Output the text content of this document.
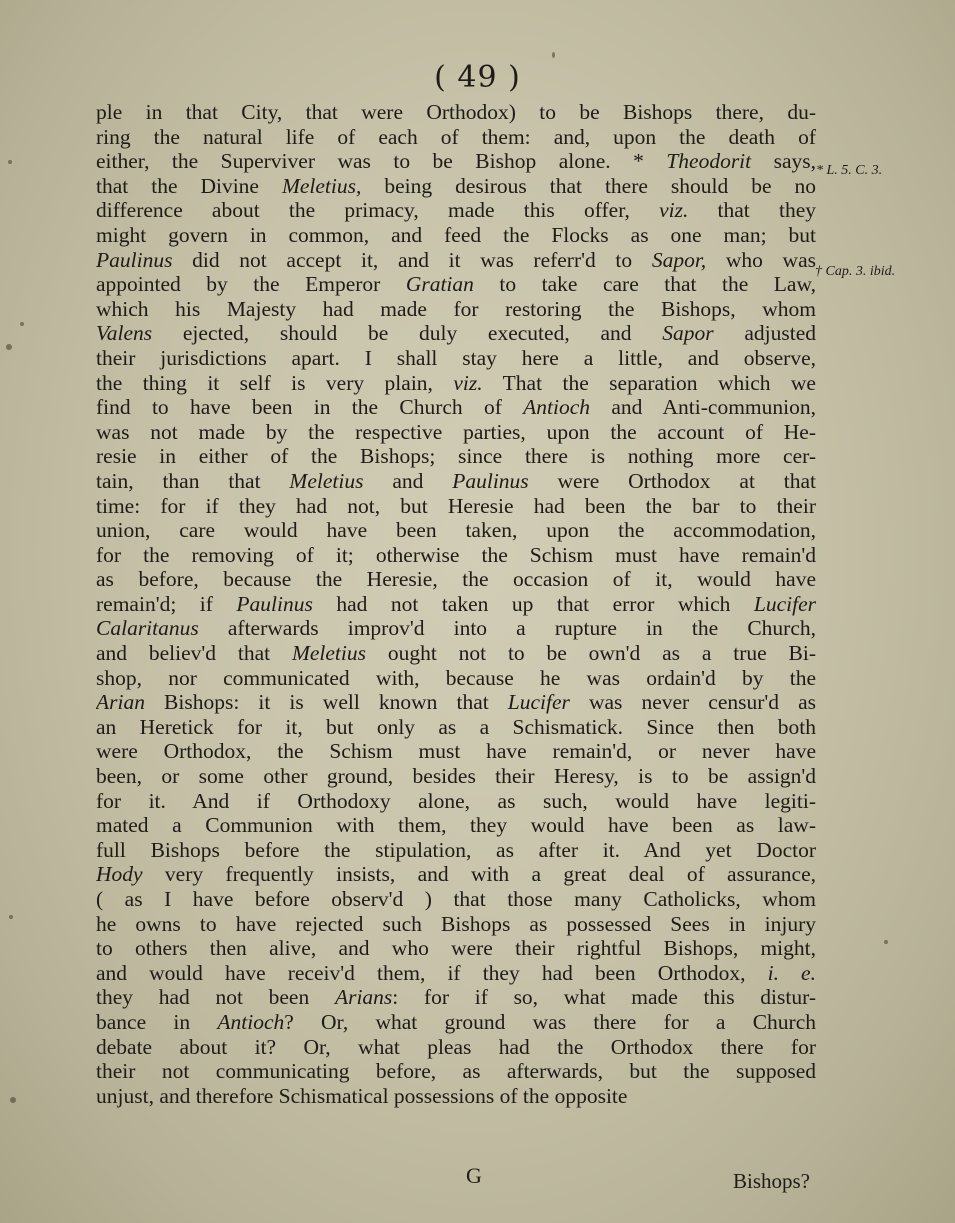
( 49 )
ple in that City, that were Orthodox) to be Bishops there, du-
ring the natural life of each of them: and, upon the death of
either, the Superviver was to be Bishop alone. * Theodorit says,
that the Divine Meletius, being desirous that there should be no
difference about the primacy, made this offer, viz. that they
might govern in common, and feed the Flocks as one man; but
Paulinus did not accept it, and it was referr'd to Sapor, who was
appointed by the Emperor Gratian to take care that the Law,
which his Majesty had made for restoring the Bishops, whom
Valens ejected, should be duly executed, and Sapor adjusted
their jurisdictions apart. I shall stay here a little, and observe,
the thing it self is very plain, viz. That the separation which we
find to have been in the Church of Antioch and Anti-communion,
was not made by the respective parties, upon the account of He-
resie in either of the Bishops; since there is nothing more cer-
tain, than that Meletius and Paulinus were Orthodox at that
time: for if they had not, but Heresie had been the bar to their
union, care would have been taken, upon the accommodation,
for the removing of it; otherwise the Schism must have remain'd
as before, because the Heresie, the occasion of it, would have
remain'd; if Paulinus had not taken up that error which Lucifer
Calaritanus afterwards improv'd into a rupture in the Church,
and believ'd that Meletius ought not to be own'd as a true Bi-
shop, nor communicated with, because he was ordain'd by the
Arian Bishops: it is well known that Lucifer was never censur'd as
an Heretick for it, but only as a Schismatick. Since then both
were Orthodox, the Schism must have remain'd, or never have
been, or some other ground, besides their Heresy, is to be assign'd
for it. And if Orthodoxy alone, as such, would have legiti-
mated a Communion with them, they would have been as law-
full Bishops before the stipulation, as after it. And yet Doctor
Hody very frequently insists, and with a great deal of assurance,
( as I have before observ'd ) that those many Catholicks, whom
he owns to have rejected such Bishops as possessed Sees in injury
to others then alive, and who were their rightful Bishops, might,
and would have receiv'd them, if they had been Orthodox, i. e.
they had not been Arians: for if so, what made this distur-
bance in Antioch? Or, what ground was there for a Church
debate about it? Or, what pleas had the Orthodox there for
their not communicating before, as afterwards, but the supposed
unjust, and therefore Schismatical possessions of the opposite
* L. 5. C. 3.
† Cap. 3. ibid.
G	Bishops?
